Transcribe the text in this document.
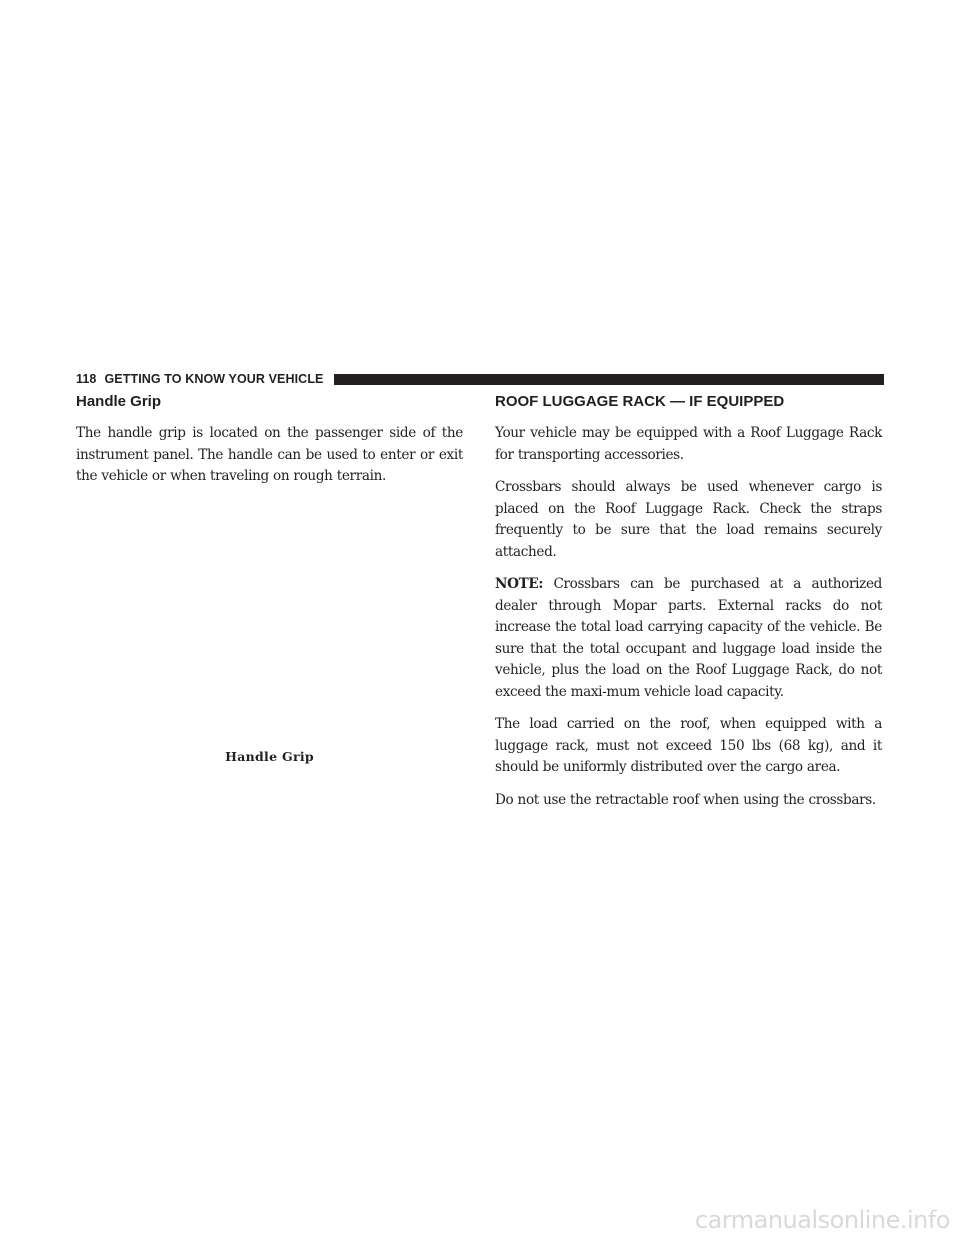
118 GETTING TO KNOW YOUR VEHICLE
Handle Grip

The handle grip is located on the passenger side of the instrument panel. The handle can be used to enter or exit the vehicle or when traveling on rough terrain.

Handle Grip
ROOF LUGGAGE RACK — IF EQUIPPED

Your vehicle may be equipped with a Roof Luggage Rack for transporting accessories.

Crossbars should always be used whenever cargo is placed on the Roof Luggage Rack. Check the straps frequently to be sure that the load remains securely attached.

NOTE: Crossbars can be purchased at a authorized dealer through Mopar parts. External racks do not increase the total load carrying capacity of the vehicle. Be sure that the total occupant and luggage load inside the vehicle, plus the load on the Roof Luggage Rack, do not exceed the maxi-mum vehicle load capacity.

The load carried on the roof, when equipped with a luggage rack, must not exceed 150 lbs (68 kg), and it should be uniformly distributed over the cargo area.

Do not use the retractable roof when using the crossbars.

carmanualsonline.info
